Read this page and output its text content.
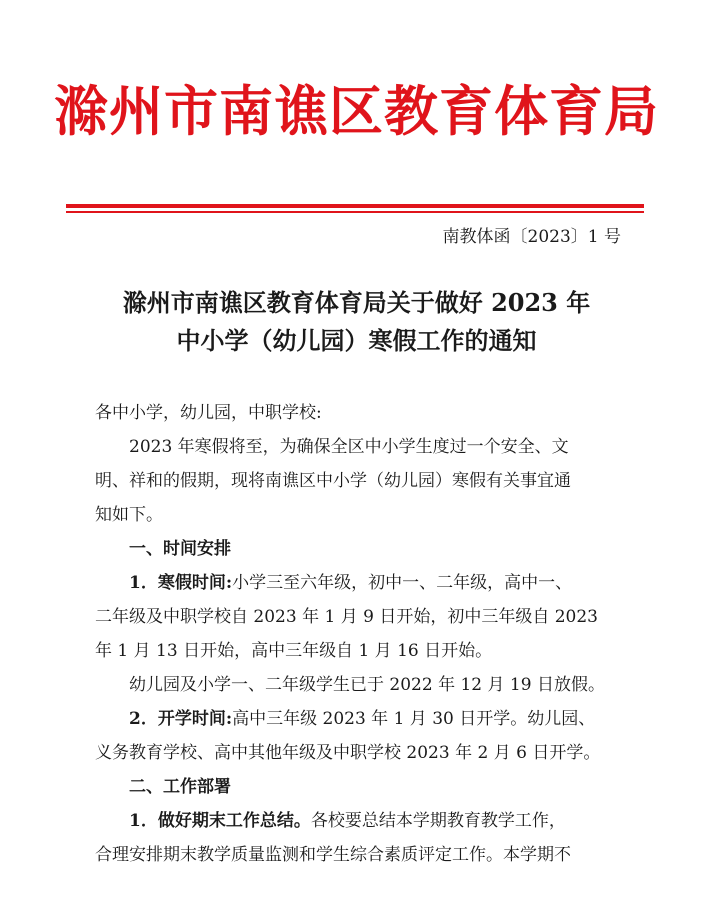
滁州市南谯区教育体育局
南教体函〔2023〕1 号
滁州市南谯区教育体育局关于做好 2023 年
中小学（幼儿园）寒假工作的通知
各中小学，幼儿园，中职学校:
2023 年寒假将至，为确保全区中小学生度过一个安全、文
明、祥和的假期，现将南谯区中小学（幼儿园）寒假有关事宜通
知如下。
一、时间安排
1．寒假时间:小学三至六年级，初中一、二年级，高中一、
二年级及中职学校自 2023 年 1 月 9 日开始，初中三年级自 2023
年 1 月 13 日开始，高中三年级自 1 月 16 日开始。
幼儿园及小学一、二年级学生已于 2022 年 12 月 19 日放假。
2．开学时间:高中三年级 2023 年 1 月 30 日开学。幼儿园、
义务教育学校、高中其他年级及中职学校 2023 年 2 月 6 日开学。
二、工作部署
1．做好期末工作总结。各校要总结本学期教育教学工作，
合理安排期末教学质量监测和学生综合素质评定工作。本学期不
